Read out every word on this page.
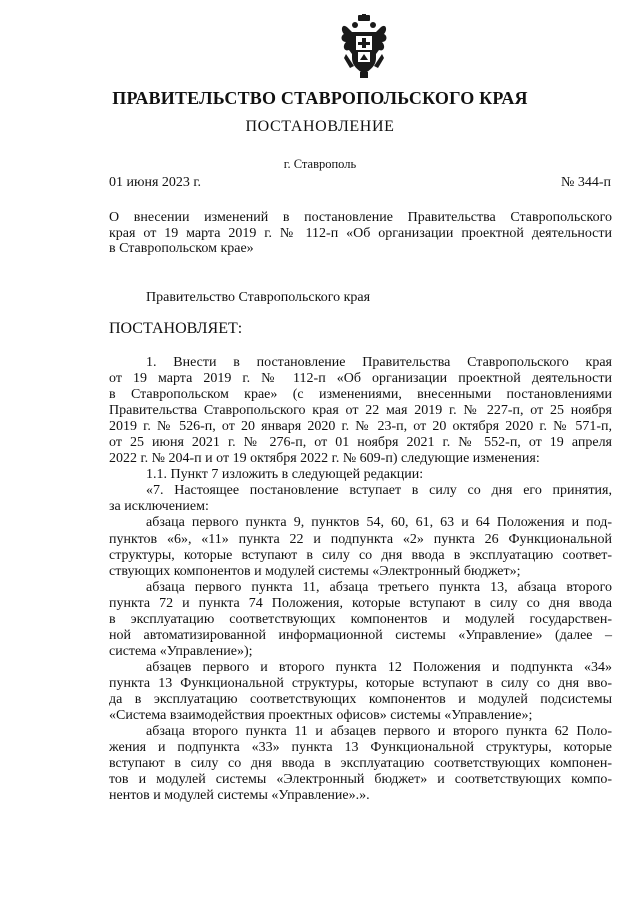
ПРАВИТЕЛЬСТВО СТАВРОПОЛЬСКОГО КРАЯ
ПОСТАНОВЛЕНИЕ
г. Ставрополь
01 июня 2023 г.	№ 344-п
О внесении изменений в постановление Правительства Ставропольского
края от 19 марта 2019 г. № 112-п «Об организации проектной деятельности
в Ставропольском крае»
Правительство Ставропольского края
ПОСТАНОВЛЯЕТ:
1. Внести в постановление Правительства Ставропольского края
от 19 марта 2019 г. № 112-п «Об организации проектной деятельности
в Ставропольском крае» (с изменениями, внесенными постановлениями
Правительства Ставропольского края от 22 мая 2019 г. № 227-п, от 25 ноября
2019 г. № 526-п, от 20 января 2020 г. № 23-п, от 20 октября 2020 г. № 571-п,
от 25 июня 2021 г. № 276-п, от 01 ноября 2021 г. № 552-п, от 19 апреля
2022 г. № 204-п и от 19 октября 2022 г. № 609-п) следующие изменения:
1.1. Пункт 7 изложить в следующей редакции:
«7. Настоящее постановление вступает в силу со дня его принятия,
за исключением:
абзаца первого пункта 9, пунктов 54, 60, 61, 63 и 64 Положения и под-
пунктов «6», «11» пункта 22 и подпункта «2» пункта 26 Функциональной
структуры, которые вступают в силу со дня ввода в эксплуатацию соответ-
ствующих компонентов и модулей системы «Электронный бюджет»;
абзаца первого пункта 11, абзаца третьего пункта 13, абзаца второго
пункта 72 и пункта 74 Положения, которые вступают в силу со дня ввода
в эксплуатацию соответствующих компонентов и модулей государствен-
ной автоматизированной информационной системы «Управление» (далее –
система «Управление»);
абзацев первого и второго пункта 12 Положения и подпункта «34»
пункта 13 Функциональной структуры, которые вступают в силу со дня вво-
да в эксплуатацию соответствующих компонентов и модулей подсистемы
«Система взаимодействия проектных офисов» системы «Управление»;
абзаца второго пункта 11 и абзацев первого и второго пункта 62 Поло-
жения и подпункта «33» пункта 13 Функциональной структуры, которые
вступают в силу со дня ввода в эксплуатацию соответствующих компонен-
тов и модулей системы «Электронный бюджет» и соответствующих компо-
нентов и модулей системы «Управление».».
